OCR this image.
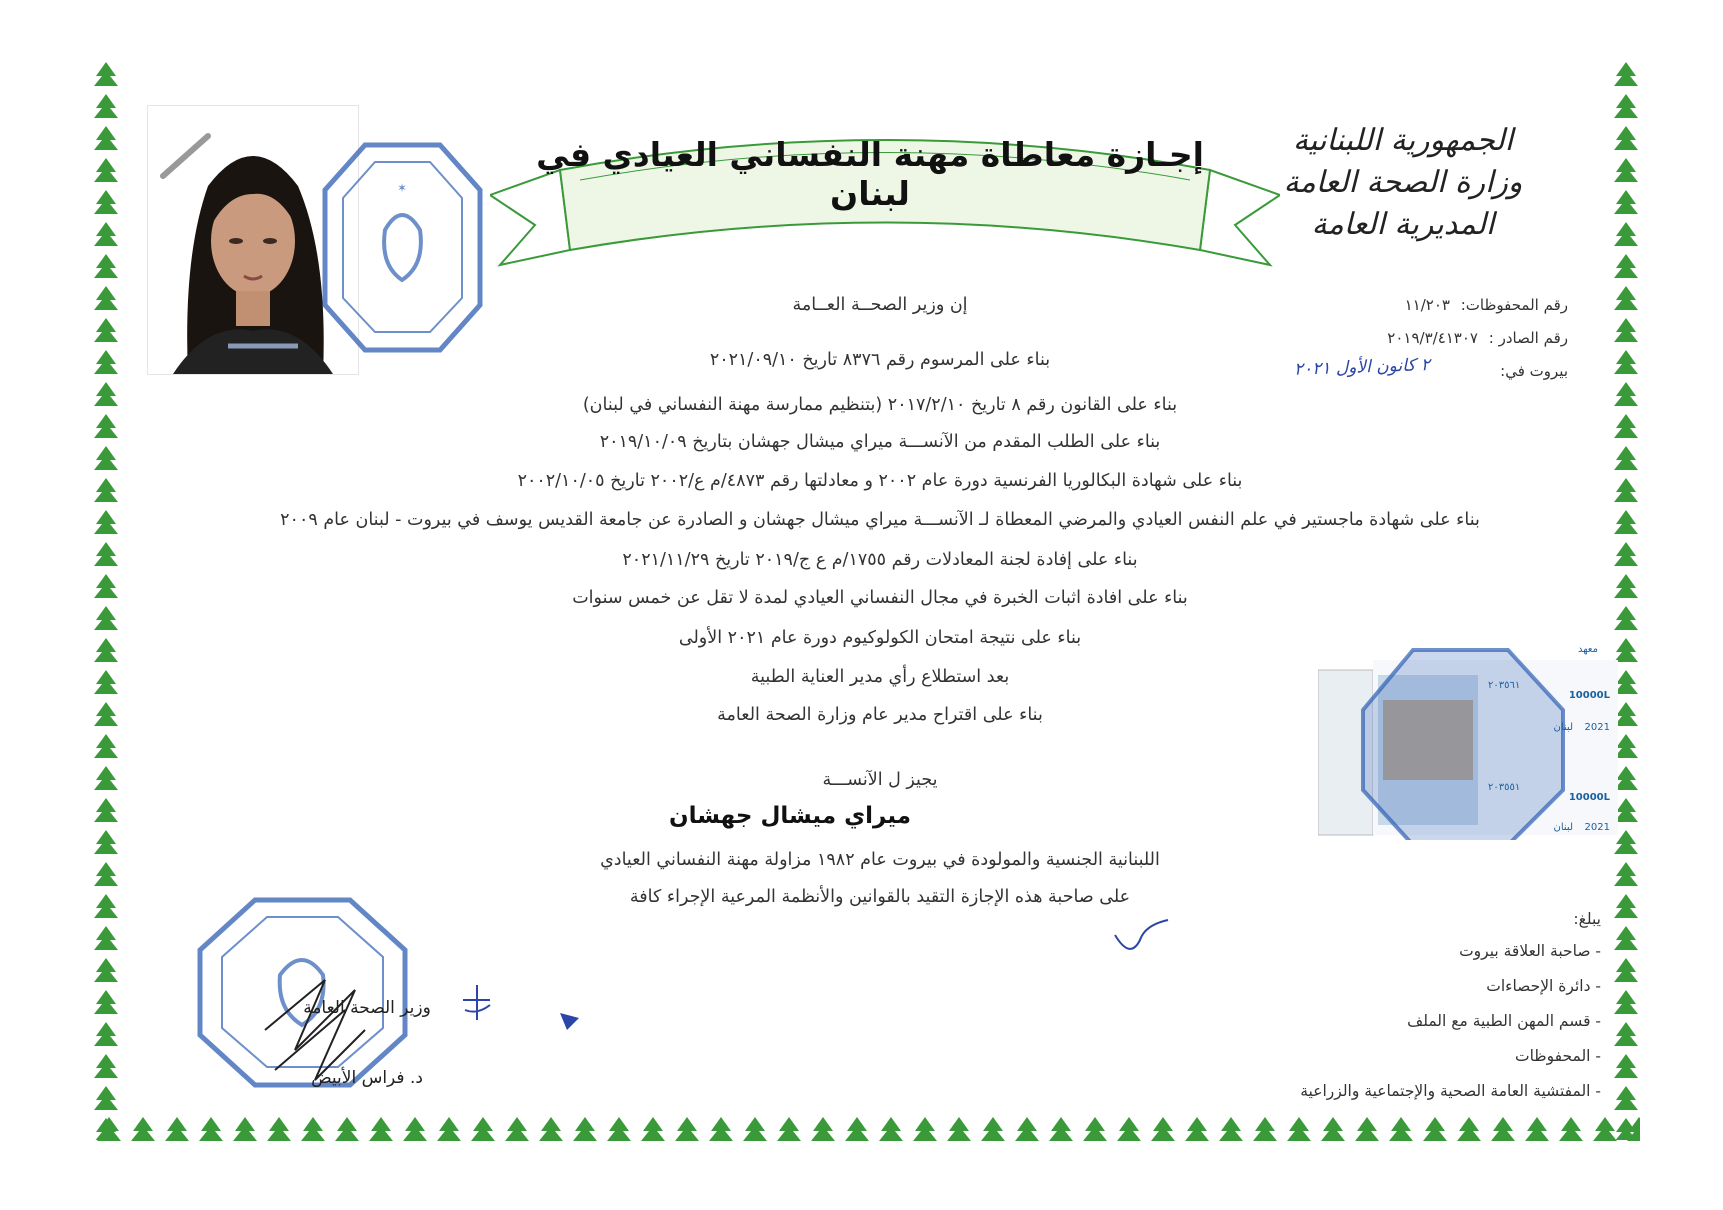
الجمهورية اللبنانية
وزارة الصحة العامة
المديرية العامة
إجـازة معاطاة مهنة النفساني العيادي في لبنان
✶
رقم المحفوظات: ١١/٢٠٣
رقم الصادر : ٢٠١٩/٣/٤١٣٠٧
بيروت في:
٢ كانون الأول ٢٠٢١
إن وزير الصحــة العــامة
بناء على المرسوم رقم ٨٣٧٦ تاريخ ٢٠٢١/٠٩/١٠
بناء على القانون رقم ٨ تاريخ ٢٠١٧/٢/١٠ (بتنظيم ممارسة مهنة النفساني في لبنان)
بناء على الطلب المقدم من الآنســـة ميراي ميشال جهشان بتاريخ ٢٠١٩/١٠/٠٩
بناء على شهادة البكالوريا الفرنسية دورة عام ٢٠٠٢ و معادلتها رقم ٤٨٧٣/م ع/٢٠٠٢ تاريخ ٢٠٠٢/١٠/٠٥
بناء على شهادة ماجستير في علم النفس العيادي والمرضي المعطاة لـ الآنســـة ميراي ميشال جهشان و الصادرة عن جامعة القديس يوسف في بيروت - لبنان عام ٢٠٠٩
بناء على إفادة لجنة المعادلات رقم ١٧٥٥/م ع ج/٢٠١٩ تاريخ ٢٠٢١/١١/٢٩
بناء على افادة اثبات الخبرة في مجال النفساني العيادي لمدة لا تقل عن خمس سنوات
بناء على نتيجة امتحان الكولوكيوم دورة عام ٢٠٢١ الأولى
بعد استطلاع رأي مدير العناية الطبية
بناء على اقتراح مدير عام وزارة الصحة العامة
يجيز ل الآنســـة
ميراي ميشال جهشان
اللبنانية الجنسية والمولودة في بيروت عام ١٩٨٢ مزاولة مهنة النفساني العيادي
على صاحبة هذه الإجازة التقيد بالقوانين والأنظمة المرعية الإجراء كافة
معهد
10000L
2021
لبنان
10000L
2021
لبنان
٢٠٣٥٦١
٢٠٣٥٥١
وزير الصحة العامة
د. فراس الأبيض
يبلغ:
- صاحبة العلاقة بيروت
- دائرة الإحصاءات
- قسم المهن الطبية مع الملف
- المحفوظات
- المفتشية العامة الصحية والإجتماعية والزراعية
